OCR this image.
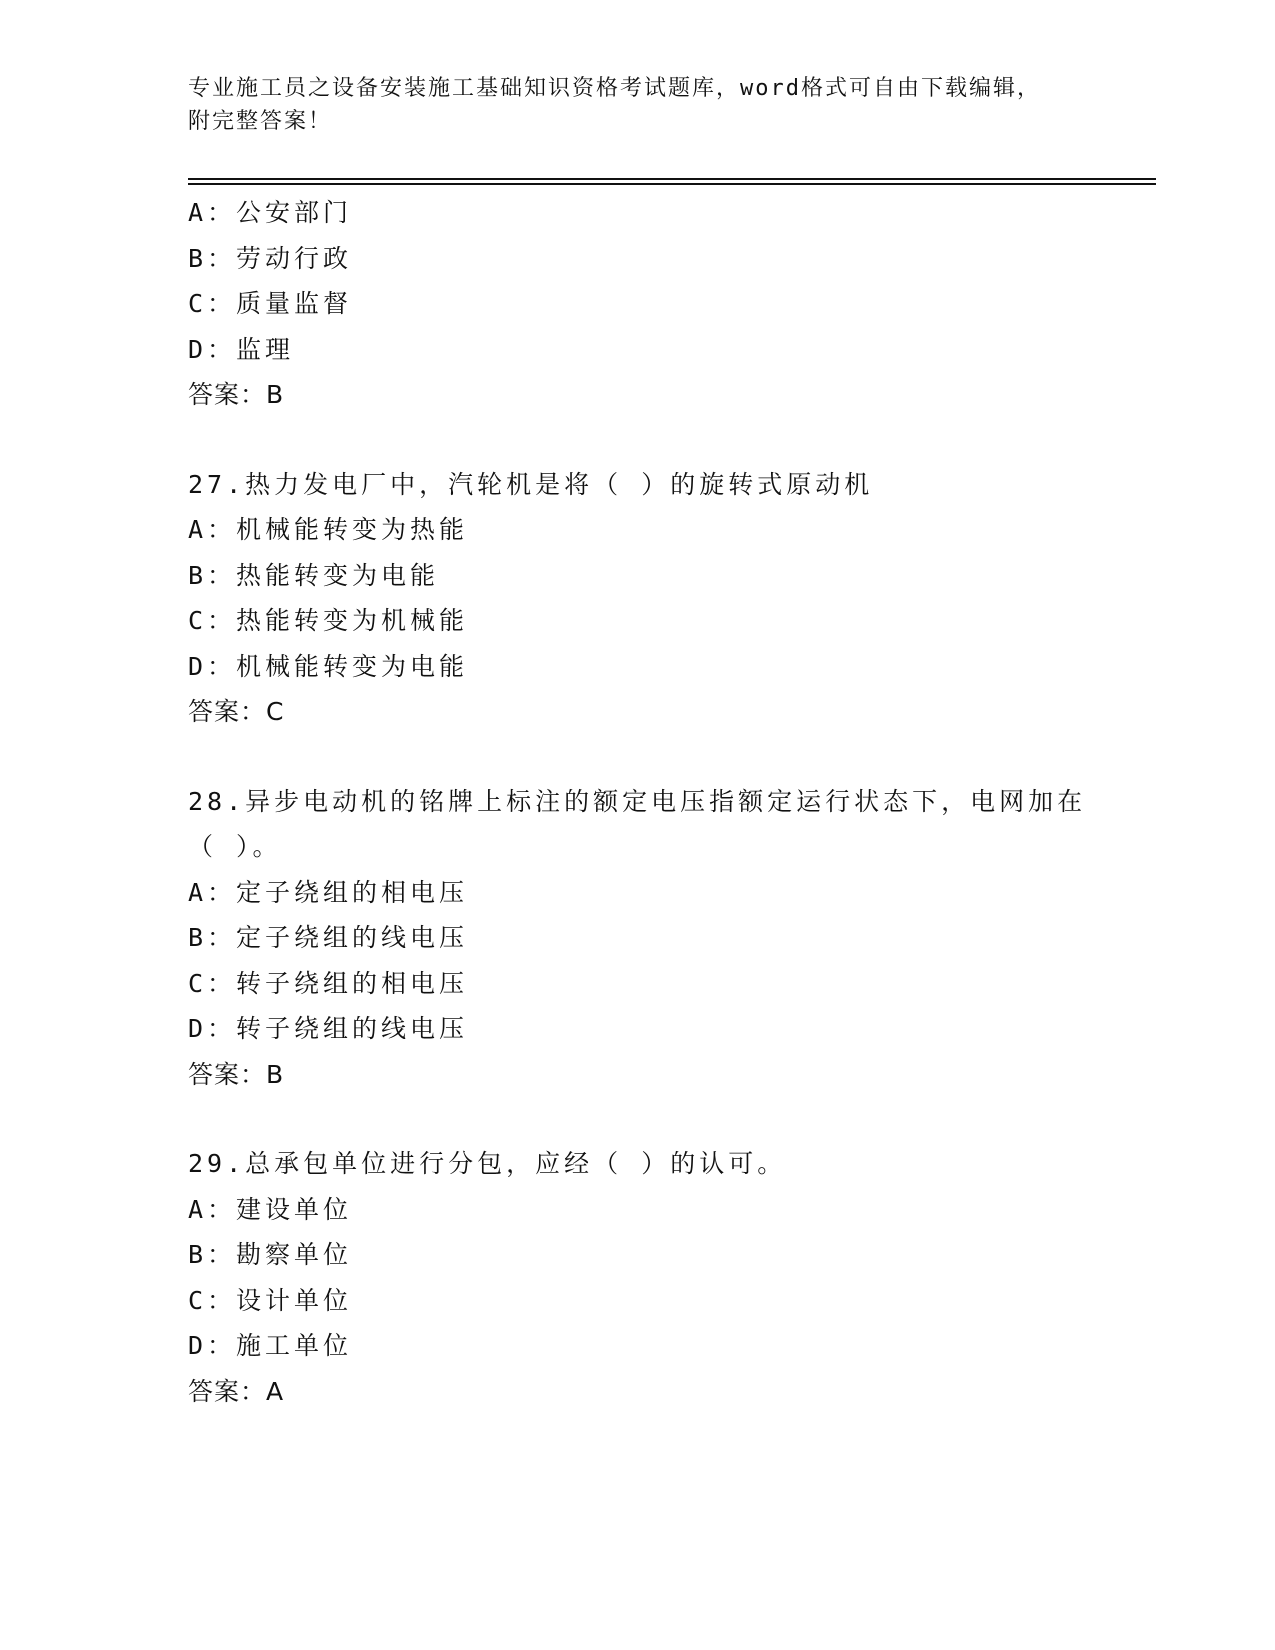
专业施工员之设备安装施工基础知识资格考试题库，word格式可自由下载编辑，
附完整答案！
A：公安部门
B：劳动行政
C：质量监督
D：监理
答案：B
27.热力发电厂中，汽轮机是将（ ）的旋转式原动机
A：机械能转变为热能
B：热能转变为电能
C：热能转变为机械能
D：机械能转变为电能
答案：C
28.异步电动机的铭牌上标注的额定电压指额定运行状态下，电网加在
（ ）。
A：定子绕组的相电压
B：定子绕组的线电压
C：转子绕组的相电压
D：转子绕组的线电压
答案：B
29.总承包单位进行分包，应经（ ）的认可。
A：建设单位
B：勘察单位
C：设计单位
D：施工单位
答案：A
